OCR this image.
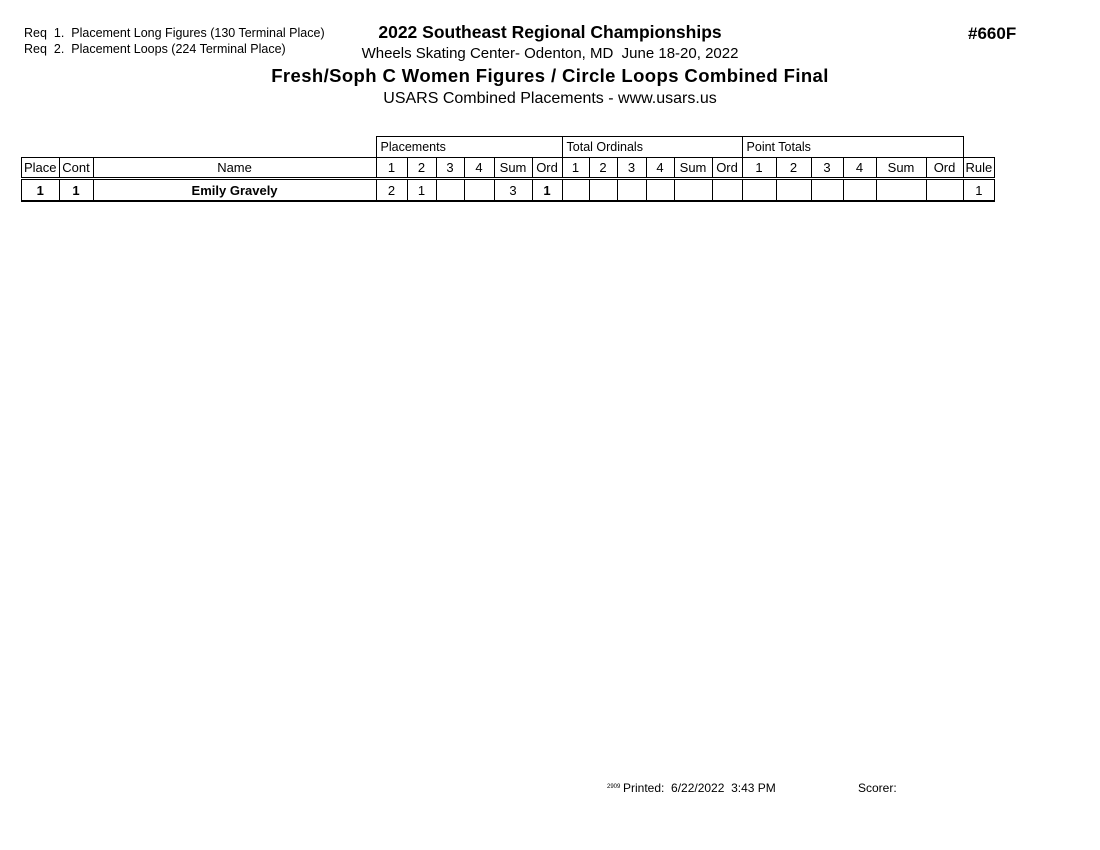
Req  1.  Placement Long Figures (130 Terminal Place)
Req  2.  Placement Loops (224 Terminal Place)
2022 Southeast Regional Championships	#660F
Wheels Skating Center- Odenton, MD  June 18-20, 2022
Fresh/Soph C Women Figures / Circle Loops Combined Final
USARS Combined Placements - www.usars.us
			Placements						Total Ordinals						Point Totals						
Place	Cont	Name	1	2	3	4	Sum	Ord	1	2	3	4	Sum	Ord	1	2	3	4	Sum	Ord	Rule
1	1	Emily Gravely	2	1			3	1													1
2909 Printed:  6/22/2022  3:43 PM	Scorer:
